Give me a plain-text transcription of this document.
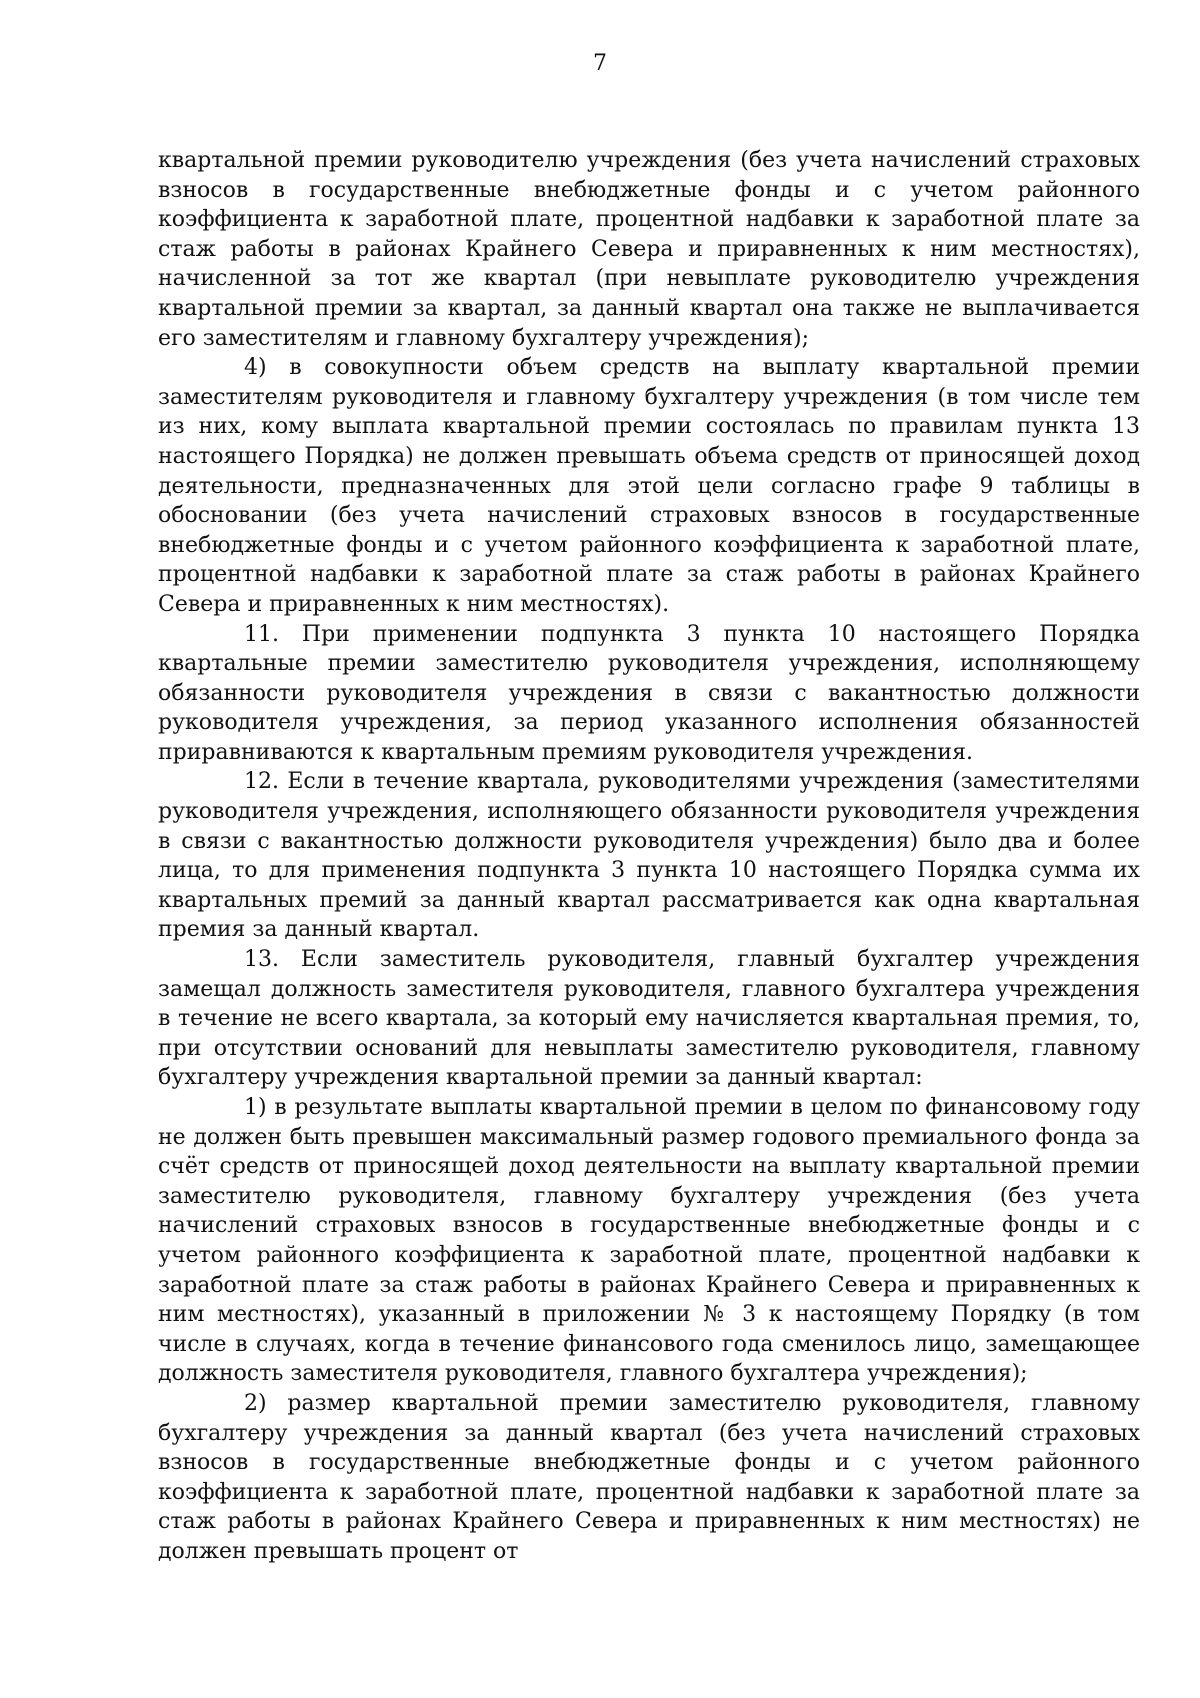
7

квартальной премии руководителю учреждения (без учета начислений страховых взносов в государственные внебюджетные фонды и с учетом районного коэффициента к заработной плате, процентной надбавки к заработной плате за стаж работы в районах Крайнего Севера и приравненных к ним местностях), начисленной за тот же квартал (при невыплате руководителю учреждения квартальной премии за квартал, за данный квартал она также не выплачивается его заместителям и главному бухгалтеру учреждения);

4) в совокупности объем средств на выплату квартальной премии заместителям руководителя и главному бухгалтеру учреждения (в том числе тем из них, кому выплата квартальной премии состоялась по правилам пункта 13 настоящего Порядка) не должен превышать объема средств от приносящей доход деятельности, предназначенных для этой цели согласно графе 9 таблицы в обосновании (без учета начислений страховых взносов в государственные внебюджетные фонды и с учетом районного коэффициента к заработной плате, процентной надбавки к заработной плате за стаж работы в районах Крайнего Севера и приравненных к ним местностях).

11. При применении подпункта 3 пункта 10 настоящего Порядка квартальные премии заместителю руководителя учреждения, исполняющему обязанности руководителя учреждения в связи с вакантностью должности руководителя учреждения, за период указанного исполнения обязанностей приравниваются к квартальным премиям руководителя учреждения.

12. Если в течение квартала, руководителями учреждения (заместителями руководителя учреждения, исполняющего обязанности руководителя учреждения в связи с вакантностью должности руководителя учреждения) было два и более лица, то для применения подпункта 3 пункта 10 настоящего Порядка сумма их квартальных премий за данный квартал рассматривается как одна квартальная премия за данный квартал.

13. Если заместитель руководителя, главный бухгалтер учреждения замещал должность заместителя руководителя, главного бухгалтера учреждения в течение не всего квартала, за который ему начисляется квартальная премия, то, при отсутствии оснований для невыплаты заместителю руководителя, главному бухгалтеру учреждения квартальной премии за данный квартал:

1) в результате выплаты квартальной премии в целом по финансовому году не должен быть превышен максимальный размер годового премиального фонда за счёт средств от приносящей доход деятельности на выплату квартальной премии заместителю руководителя, главному бухгалтеру учреждения (без учета начислений страховых взносов в государственные внебюджетные фонды и с учетом районного коэффициента к заработной плате, процентной надбавки к заработной плате за стаж работы в районах Крайнего Севера и приравненных к ним местностях), указанный в приложении № 3 к настоящему Порядку (в том числе в случаях, когда в течение финансового года сменилось лицо, замещающее должность заместителя руководителя, главного бухгалтера учреждения);

2) размер квартальной премии заместителю руководителя, главному бухгалтеру учреждения за данный квартал (без учета начислений страховых взносов в государственные внебюджетные фонды и с учетом районного коэффициента к заработной плате, процентной надбавки к заработной плате за стаж работы в районах Крайнего Севера и приравненных к ним местностях) не должен превышать процент от
